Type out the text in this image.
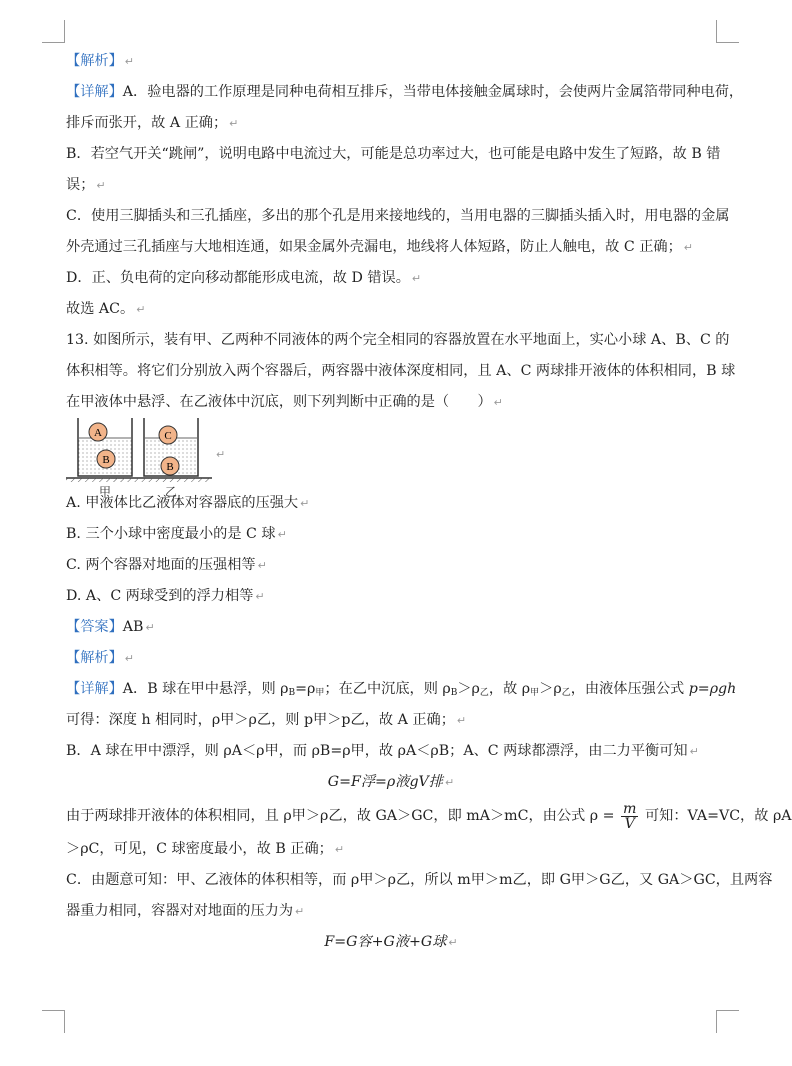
【解析】 ↵
【详解】A．验电器的工作原理是同种电荷相互排斥，当带电体接触金属球时，会使两片金属箔带同种电荷，
排斥而张开，故 A 正确； ↵
B．若空气开关“跳闸”，说明电路中电流过大，可能是总功率过大，也可能是电路中发生了短路，故 B 错
误； ↵
C．使用三脚插头和三孔插座，多出的那个孔是用来接地线的，当用电器的三脚插头插入时，用电器的金属
外壳通过三孔插座与大地相连通，如果金属外壳漏电，地线将人体短路，防止人触电，故 C 正确； ↵
D．正、负电荷的定向移动都能形成电流，故 D 错误。 ↵
故选 AC。 ↵
13. 如图所示，装有甲、乙两种不同液体的两个完全相同的容器放置在水平地面上，实心小球 A、B、C 的
体积相等。将它们分别放入两个容器后，两容器中液体深度相同，且 A、C 两球排开液体的体积相同，B 球
在甲液体中悬浮、在乙液体中沉底，则下列判断中正确的是（　　） ↵
A
B
C
B
甲	乙
↵
A. 甲液体比乙液体对容器底的压强大 ↵
B. 三个小球中密度最小的是 C 球 ↵
C. 两个容器对地面的压强相等 ↵
D. A、C 两球受到的浮力相等 ↵
【答案】AB ↵
【解析】 ↵
【详解】A．B 球在甲中悬浮，则 $\rho_B=\rho_甲$；在乙中沉底，则 $\rho_B>\rho_乙$，故 $\rho_甲>\rho_乙$，由液体压强公式 p=ρgh
可得：深度 h 相同时，ρ甲＞ρ乙，则 p甲＞p乙，故 A 正确； ↵
B．A 球在甲中漂浮，则 ρA＜ρ甲，而 ρB=ρ甲，故 ρA＜ρB；A、C 两球都漂浮，由二力平衡可知 ↵
G=F浮=ρ液gV排 ↵
由于两球排开液体的体积相同，且 ρ甲＞ρ乙，故 GA＞GC，即 mA＞mC，由公式 $\rho = \frac{m}{V}$ 可知：VA=VC，故 ρA
＞ρC，可见，C 球密度最小，故 B 正确； ↵
C．由题意可知：甲、乙液体的体积相等，而 ρ甲＞ρ乙，所以 m甲＞m乙，即 G甲＞G乙，又 GA＞GC，且两容
器重力相同，容器对对地面的压力为 ↵
F=G容+G液+G球 ↵
